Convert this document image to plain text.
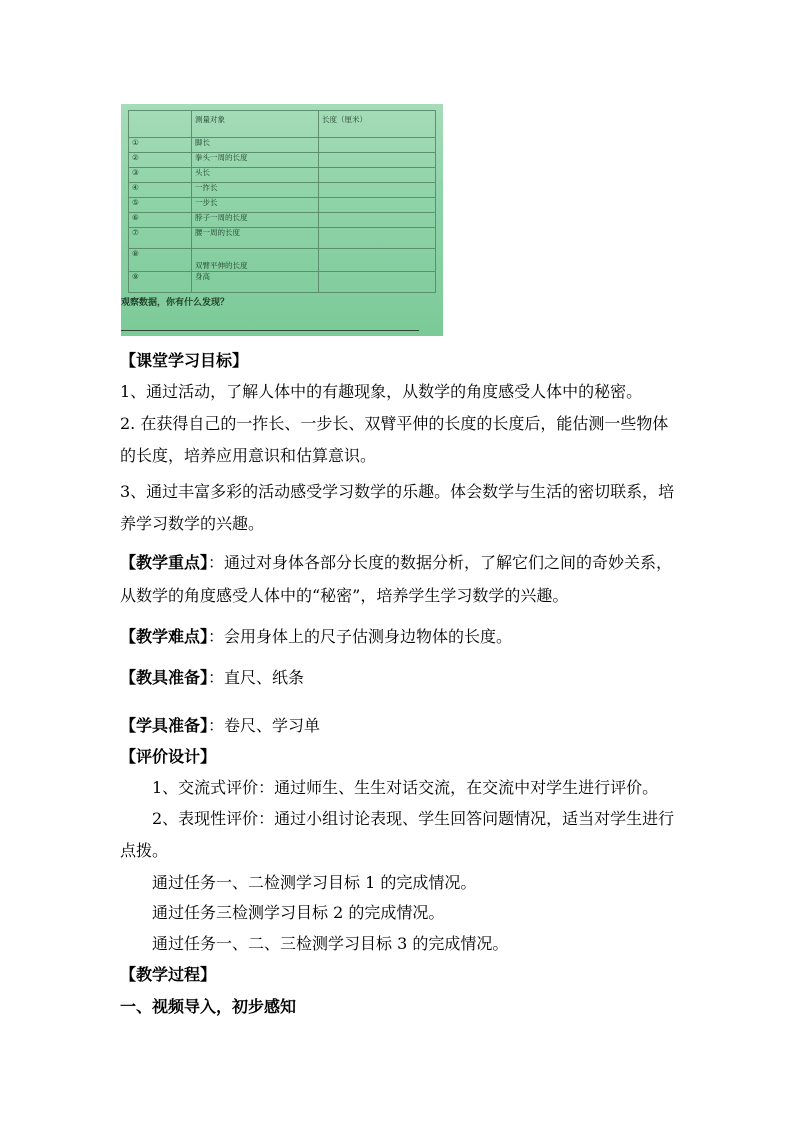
	测量对象	长度（厘米）
①	脚长	
②	拳头一周的长度	
③	头长	
④	一拃长	
⑤	一步长	
⑥	脖子一周的长度	
⑦	腰一周的长度	
⑧	双臂平伸的长度	
⑨	身高	
观察数据，你有什么发现？
【课堂学习目标】
1、通过活动，了解人体中的有趣现象，从数学的角度感受人体中的秘密。
2. 在获得自己的一拃长、一步长、双臂平伸的长度的长度后，能估测一些物体
的长度，培养应用意识和估算意识。
3、通过丰富多彩的活动感受学习数学的乐趣。体会数学与生活的密切联系，培
养学习数学的兴趣。
【教学重点】：通过对身体各部分长度的数据分析，了解它们之间的奇妙关系，
从数学的角度感受人体中的“秘密”，培养学生学习数学的兴趣。
【教学难点】：会用身体上的尺子估测身边物体的长度。
【教具准备】：直尺、纸条
【学具准备】：卷尺、学习单
【评价设计】
1、交流式评价：通过师生、生生对话交流，在交流中对学生进行评价。
2、表现性评价：通过小组讨论表现、学生回答问题情况，适当对学生进行
点拨。
通过任务一、二检测学习目标 1 的完成情况。
通过任务三检测学习目标 2 的完成情况。
通过任务一、二、三检测学习目标 3 的完成情况。
【教学过程】
一、视频导入，初步感知
